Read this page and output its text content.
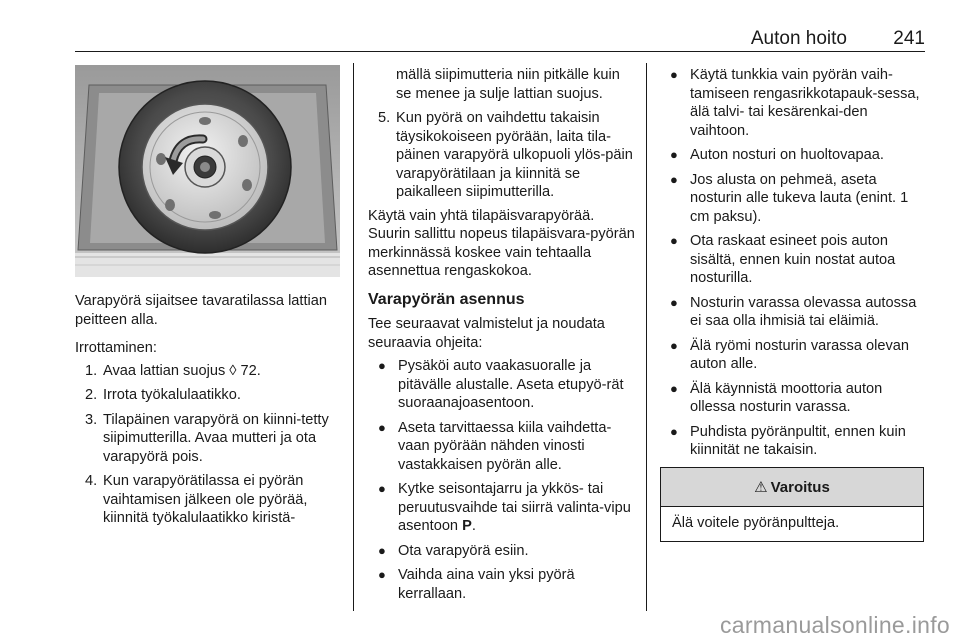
Auton hoito 241

Varapyörä sijaitsee tavaratilassa lattian peitteen alla.

Irrottaminen:

1. Avaa lattian suojus ◊ 72.
2. Irrota työkalulaatikko.
3. Tilapäinen varapyörä on kiinni-tetty siipimutterilla. Avaa mutteri ja ota varapyörä pois.
4. Kun varapyörätilassa ei pyörän vaihtamisen jälkeen ole pyörää, kiinnitä työkalulaatikko kiristä-

mällä siipimutteria niin pitkälle kuin se menee ja sulje lattian suojus.

5. Kun pyörä on vaihdettu takaisin täysikokoiseen pyörään, laita tila-päinen varapyörä ulkopuoli ylös-päin varapyörätilaan ja kiinnitä se paikalleen siipimutterilla.

Käytä vain yhtä tilapäisvarapyörää. Suurin sallittu nopeus tilapäisvara-pyörän merkinnässä koskee vain tehtaalla asennettua rengaskokoa.

Varapyörän asennus

Tee seuraavat valmistelut ja noudata seuraavia ohjeita:

● Pysäköi auto vaakasuoralle ja pitävälle alustalle. Aseta etupyö-rät suoraanajoasentoon.
● Aseta tarvittaessa kiila vaihdetta-vaan pyörään nähden vinosti vastakkaisen pyörän alle.
● Kytke seisontajarru ja ykkös- tai peruutusvaihde tai siirrä valinta-vipu asentoon P.
● Ota varapyörä esiin.
● Vaihda aina vain yksi pyörä kerrallaan.
● Käytä tunkkia vain pyörän vaih-tamiseen rengasrikkotapauk-sessa, älä talvi- tai kesärenkai-den vaihtoon.
● Auton nosturi on huoltovapaa.
● Jos alusta on pehmeä, aseta nosturin alle tukeva lauta (enint. 1 cm paksu).
● Ota raskaat esineet pois auton sisältä, ennen kuin nostat autoa nosturilla.
● Nosturin varassa olevassa autossa ei saa olla ihmisiä tai eläimiä.
● Älä ryömi nosturin varassa olevan auton alle.
● Älä käynnistä moottoria auton ollessa nosturin varassa.
● Puhdista pyöränpultit, ennen kuin kiinnität ne takaisin.
⚠ Varoitus
Älä voitele pyöränpultteja.
carmanualsonline.info
